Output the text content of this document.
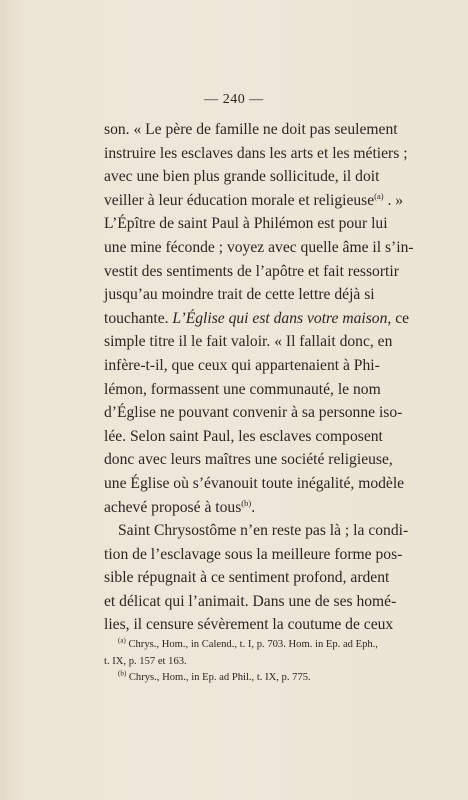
— 240 —
son. « Le père de famille ne doit pas seulement
instruire les esclaves dans les arts et les métiers ;
avec une bien plus grande sollicitude, il doit
veiller à leur éducation morale et religieuse$^{(a)}$ . »
L’Épître de saint Paul à Philémon est pour lui
une mine féconde ; voyez avec quelle âme il s’in-
vestit des sentiments de l’apôtre et fait ressortir
jusqu’au moindre trait de cette lettre déjà si
touchante. L’Église qui est dans votre maison, ce
simple titre il le fait valoir. « Il fallait donc, en
infère-t-il, que ceux qui appartenaient à Phi-
lémon, formassent une communauté, le nom
d’Église ne pouvant convenir à sa personne iso-
lée. Selon saint Paul, les esclaves composent
donc avec leurs maîtres une société religieuse,
une Église où s’évanouit toute inégalité, modèle
achevé proposé à tous$^{(b)}$.
Saint Chrysostôme n’en reste pas là ; la condi-
tion de l’esclavage sous la meilleure forme pos-
sible répugnait à ce sentiment profond, ardent
et délicat qui l’animait. Dans une de ses homé-
lies, il censure sévèrement la coutume de ceux
$^{(a)}$ Chrys., Hom., in Calend., t. I, p. 703. Hom. in Ep. ad Eph.,
t. IX, p. 157 et 163.
$^{(b)}$ Chrys., Hom., in Ep. ad Phil., t. IX, p. 775.
